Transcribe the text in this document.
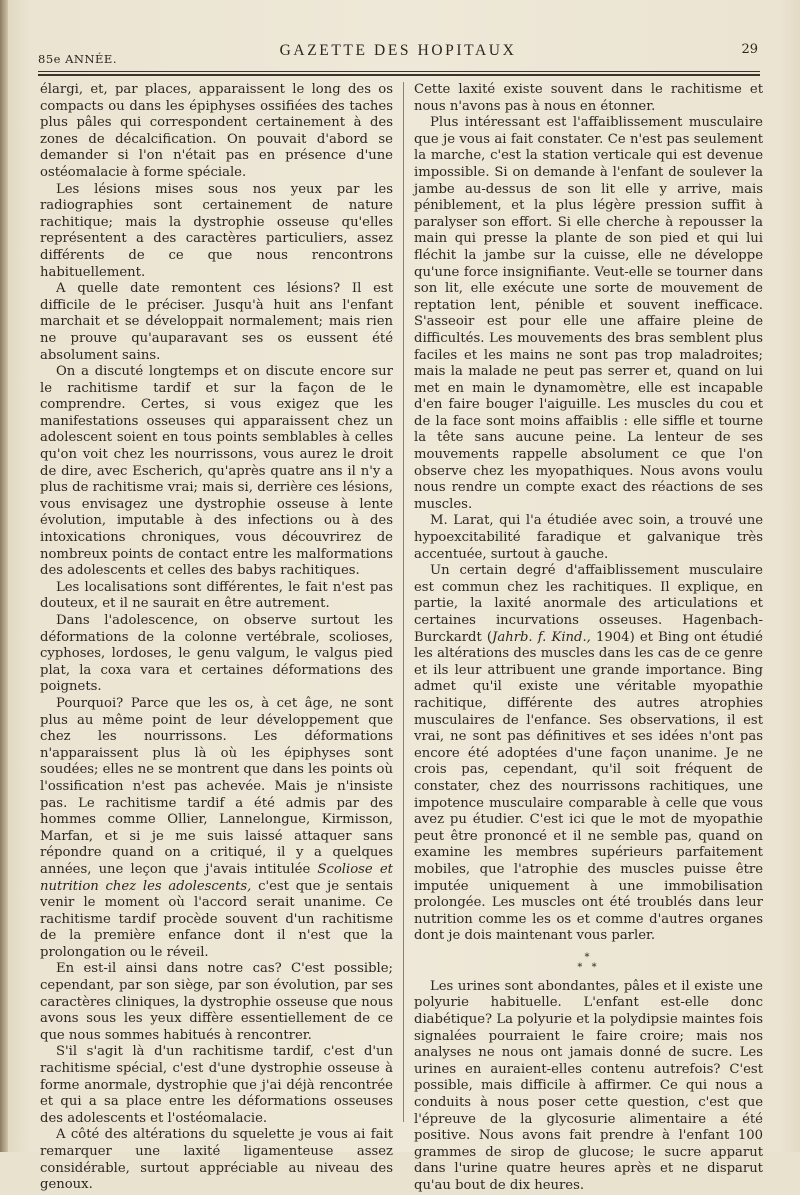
85e ANNÉE.	GAZETTE DES HOPITAUX	29

élargi, et, par places, apparaissent le long des os compacts ou dans les épiphyses ossifiées des taches plus pâles qui correspondent certainement à des zones de décalcification. On pouvait d'abord se demander si l'on n'était pas en présence d'une ostéomalacie à forme spéciale.

Les lésions mises sous nos yeux par les radiographies sont certainement de nature rachitique; mais la dystrophie osseuse qu'elles représentent a des caractères particuliers, assez différents de ce que nous rencontrons habituellement.

A quelle date remontent ces lésions? Il est difficile de le préciser. Jusqu'à huit ans l'enfant marchait et se développait normalement; mais rien ne prouve qu'auparavant ses os eussent été absolument sains.

On a discuté longtemps et on discute encore sur le rachitisme tardif et sur la façon de le comprendre. Certes, si vous exigez que les manifestations osseuses qui apparaissent chez un adolescent soient en tous points semblables à celles qu'on voit chez les nourrissons, vous aurez le droit de dire, avec Escherich, qu'après quatre ans il n'y a plus de rachitisme vrai; mais si, derrière ces lésions, vous envisagez une dystrophie osseuse à lente évolution, imputable à des infections ou à des intoxications chroniques, vous découvrirez de nombreux points de contact entre les malformations des adolescents et celles des babys rachitiques.

Les localisations sont différentes, le fait n'est pas douteux, et il ne saurait en être autrement.

Dans l'adolescence, on observe surtout les déformations de la colonne vertébrale, scolioses, cyphoses, lordoses, le genu valgum, le valgus pied plat, la coxa vara et certaines déformations des poignets.

Pourquoi? Parce que les os, à cet âge, ne sont plus au même point de leur développement que chez les nourrissons. Les déformations n'apparaissent plus là où les épiphyses sont soudées; elles ne se montrent que dans les points où l'ossification n'est pas achevée. Mais je n'insiste pas. Le rachitisme tardif a été admis par des hommes comme Ollier, Lannelongue, Kirmisson, Marfan, et si je me suis laissé attaquer sans répondre quand on a critiqué, il y a quelques années, une leçon que j'avais intitulée Scoliose et nutrition chez les adolescents, c'est que je sentais venir le moment où l'accord serait unanime. Ce rachitisme tardif procède souvent d'un rachitisme de la première enfance dont il n'est que la prolongation ou le réveil.

En est-il ainsi dans notre cas? C'est possible; cependant, par son siège, par son évolution, par ses caractères cliniques, la dystrophie osseuse que nous avons sous les yeux diffère essentiellement de ce que nous sommes habitués à rencontrer.

S'il s'agit là d'un rachitisme tardif, c'est d'un rachitisme spécial, c'est d'une dystrophie osseuse à forme anormale, dystrophie que j'ai déjà rencontrée et qui a sa place entre les déformations osseuses des adolescents et l'ostéomalacie.

A côté des altérations du squelette je vous ai fait remarquer une laxité ligamenteuse assez considérable, surtout appréciable au niveau des genoux.

Cette laxité existe souvent dans le rachitisme et nous n'avons pas à nous en étonner.

Plus intéressant est l'affaiblissement musculaire que je vous ai fait constater. Ce n'est pas seulement la marche, c'est la station verticale qui est devenue impossible. Si on demande à l'enfant de soulever la jambe au-dessus de son lit elle y arrive, mais péniblement, et la plus légère pression suffit à paralyser son effort. Si elle cherche à repousser la main qui presse la plante de son pied et qui lui fléchit la jambe sur la cuisse, elle ne développe qu'une force insignifiante. Veut-elle se tourner dans son lit, elle exécute une sorte de mouvement de reptation lent, pénible et souvent inefficace. S'asseoir est pour elle une affaire pleine de difficultés. Les mouvements des bras semblent plus faciles et les mains ne sont pas trop maladroites; mais la malade ne peut pas serrer et, quand on lui met en main le dynamomètre, elle est incapable d'en faire bouger l'aiguille. Les muscles du cou et de la face sont moins affaiblis : elle siffle et tourne la tête sans aucune peine. La lenteur de ses mouvements rappelle absolument ce que l'on observe chez les myopathiques. Nous avons voulu nous rendre un compte exact des réactions de ses muscles.

M. Larat, qui l'a étudiée avec soin, a trouvé une hypoexcitabilité faradique et galvanique très accentuée, surtout à gauche.

Un certain degré d'affaiblissement musculaire est commun chez les rachitiques. Il explique, en partie, la laxité anormale des articulations et certaines incurvations osseuses. Hagenbach-Burckardt (Jahrb. f. Kind., 1904) et Bing ont étudié les altérations des muscles dans les cas de ce genre et ils leur attribuent une grande importance. Bing admet qu'il existe une véritable myopathie rachitique, différente des autres atrophies musculaires de l'enfance. Ses observations, il est vrai, ne sont pas définitives et ses idées n'ont pas encore été adoptées d'une façon unanime. Je ne crois pas, cependant, qu'il soit fréquent de constater, chez des nourrissons rachitiques, une impotence musculaire comparable à celle que vous avez pu étudier. C'est ici que le mot de myopathie peut être prononcé et il ne semble pas, quand on examine les membres supérieurs parfaitement mobiles, que l'atrophie des muscles puisse être imputée uniquement à une immobilisation prolongée. Les muscles ont été troublés dans leur nutrition comme les os et comme d'autres organes dont je dois maintenant vous parler.

*
* *

Les urines sont abondantes, pâles et il existe une polyurie habituelle. L'enfant est-elle donc diabétique? La polyurie et la polydipsie maintes fois signalées pourraient le faire croire; mais nos analyses ne nous ont jamais donné de sucre. Les urines en auraient-elles contenu autrefois? C'est possible, mais difficile à affirmer. Ce qui nous a conduits à nous poser cette question, c'est que l'épreuve de la glycosurie alimentaire a été positive. Nous avons fait prendre à l'enfant 100 grammes de sirop de glucose; le sucre apparut dans l'urine quatre heures après et ne disparut qu'au bout de dix heures.
